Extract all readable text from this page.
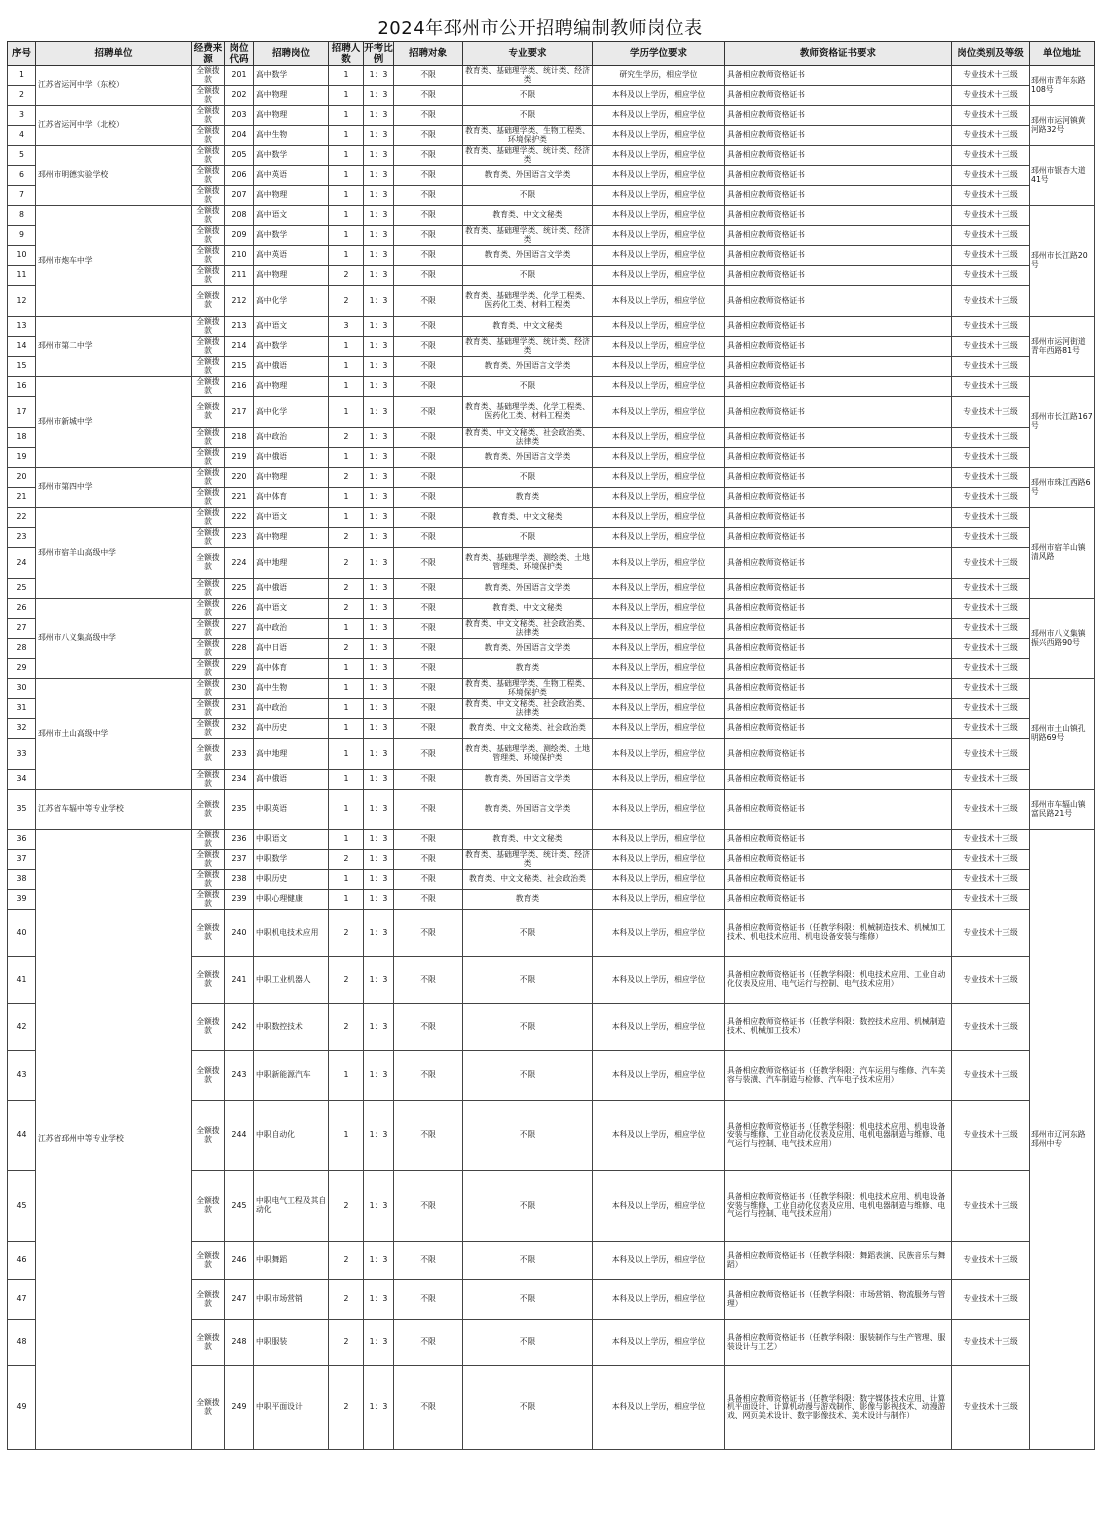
2024年邳州市公开招聘编制教师岗位表
序号	招聘单位	经费来源	岗位代码	招聘岗位	招聘人数	开考比例	招聘对象	专业要求	学历学位要求	教师资格证书要求	岗位类别及等级	单位地址
1	江苏省运河中学（东校）	全额拨款	201	高中数学	1	1：3	不限	教育类、基础理学类、统计类、经济类	研究生学历，相应学位	具备相应教师资格证书	专业技术十三级	邳州市青年东路108号
2		全额拨款	202	高中物理	1	1：3	不限	不限	本科及以上学历，相应学位	具备相应教师资格证书	专业技术十三级	
3	江苏省运河中学（北校）	全额拨款	203	高中物理	1	1：3	不限	不限	本科及以上学历，相应学位	具备相应教师资格证书	专业技术十三级	邳州市运河镇黄河路32号
4		全额拨款	204	高中生物	1	1：3	不限	教育类、基础理学类、生物工程类、环境保护类	本科及以上学历，相应学位	具备相应教师资格证书	专业技术十三级	
5	邳州市明德实验学校	全额拨款	205	高中数学	1	1：3	不限	教育类、基础理学类、统计类、经济类	本科及以上学历，相应学位	具备相应教师资格证书	专业技术十三级	邳州市银杏大道41号
6		全额拨款	206	高中英语	1	1：3	不限	教育类、外国语言文学类	本科及以上学历，相应学位	具备相应教师资格证书	专业技术十三级	
7		全额拨款	207	高中物理	1	1：3	不限	不限	本科及以上学历，相应学位	具备相应教师资格证书	专业技术十三级	
8	邳州市炮车中学	全额拨款	208	高中语文	1	1：3	不限	教育类、中文文秘类	本科及以上学历，相应学位	具备相应教师资格证书	专业技术十三级	邳州市长江路20号
9		全额拨款	209	高中数学	1	1：3	不限	教育类、基础理学类、统计类、经济类	本科及以上学历，相应学位	具备相应教师资格证书	专业技术十三级	
10		全额拨款	210	高中英语	1	1：3	不限	教育类、外国语言文学类	本科及以上学历，相应学位	具备相应教师资格证书	专业技术十三级	
11		全额拨款	211	高中物理	2	1：3	不限	不限	本科及以上学历，相应学位	具备相应教师资格证书	专业技术十三级	
12		全额拨款	212	高中化学	2	1：3	不限	教育类、基础理学类、化学工程类、医药化工类、材料工程类	本科及以上学历，相应学位	具备相应教师资格证书	专业技术十三级	
13	邳州市第二中学	全额拨款	213	高中语文	3	1：3	不限	教育类、中文文秘类	本科及以上学历，相应学位	具备相应教师资格证书	专业技术十三级	邳州市运河街道青年西路81号
14		全额拨款	214	高中数学	1	1：3	不限	教育类、基础理学类、统计类、经济类	本科及以上学历，相应学位	具备相应教师资格证书	专业技术十三级	
15		全额拨款	215	高中俄语	1	1：3	不限	教育类、外国语言文学类	本科及以上学历，相应学位	具备相应教师资格证书	专业技术十三级	
16	邳州市新城中学	全额拨款	216	高中物理	1	1：3	不限	不限	本科及以上学历，相应学位	具备相应教师资格证书	专业技术十三级	邳州市长江路167号
17		全额拨款	217	高中化学	1	1：3	不限	教育类、基础理学类、化学工程类、医药化工类、材料工程类	本科及以上学历，相应学位	具备相应教师资格证书	专业技术十三级	
18		全额拨款	218	高中政治	2	1：3	不限	教育类、中文文秘类、社会政治类、法律类	本科及以上学历，相应学位	具备相应教师资格证书	专业技术十三级	
19		全额拨款	219	高中俄语	1	1：3	不限	教育类、外国语言文学类	本科及以上学历，相应学位	具备相应教师资格证书	专业技术十三级	
20	邳州市第四中学	全额拨款	220	高中物理	2	1：3	不限	不限	本科及以上学历，相应学位	具备相应教师资格证书	专业技术十三级	邳州市珠江西路6号
21		全额拨款	221	高中体育	1	1：3	不限	教育类	本科及以上学历，相应学位	具备相应教师资格证书	专业技术十三级	
22	邳州市宿羊山高级中学	全额拨款	222	高中语文	1	1：3	不限	教育类、中文文秘类	本科及以上学历，相应学位	具备相应教师资格证书	专业技术十三级	邳州市宿羊山镇清风路
23		全额拨款	223	高中物理	2	1：3	不限	不限	本科及以上学历，相应学位	具备相应教师资格证书	专业技术十三级	
24		全额拨款	224	高中地理	2	1：3	不限	教育类、基础理学类、测绘类、土地管理类、环境保护类	本科及以上学历，相应学位	具备相应教师资格证书	专业技术十三级	
25		全额拨款	225	高中俄语	2	1：3	不限	教育类、外国语言文学类	本科及以上学历，相应学位	具备相应教师资格证书	专业技术十三级	
26	邳州市八义集高级中学	全额拨款	226	高中语文	2	1：3	不限	教育类、中文文秘类	本科及以上学历，相应学位	具备相应教师资格证书	专业技术十三级	邳州市八义集镇振兴西路90号
27		全额拨款	227	高中政治	1	1：3	不限	教育类、中文文秘类、社会政治类、法律类	本科及以上学历，相应学位	具备相应教师资格证书	专业技术十三级	
28		全额拨款	228	高中日语	2	1：3	不限	教育类、外国语言文学类	本科及以上学历，相应学位	具备相应教师资格证书	专业技术十三级	
29		全额拨款	229	高中体育	1	1：3	不限	教育类	本科及以上学历，相应学位	具备相应教师资格证书	专业技术十三级	
30	邳州市土山高级中学	全额拨款	230	高中生物	1	1：3	不限	教育类、基础理学类、生物工程类、环境保护类	本科及以上学历，相应学位	具备相应教师资格证书	专业技术十三级	邳州市土山镇孔明路69号
31		全额拨款	231	高中政治	1	1：3	不限	教育类、中文文秘类、社会政治类、法律类	本科及以上学历，相应学位	具备相应教师资格证书	专业技术十三级	
32		全额拨款	232	高中历史	1	1：3	不限	教育类、中文文秘类、社会政治类	本科及以上学历，相应学位	具备相应教师资格证书	专业技术十三级	
33		全额拨款	233	高中地理	1	1：3	不限	教育类、基础理学类、测绘类、土地管理类、环境保护类	本科及以上学历，相应学位	具备相应教师资格证书	专业技术十三级	
34		全额拨款	234	高中俄语	1	1：3	不限	教育类、外国语言文学类	本科及以上学历，相应学位	具备相应教师资格证书	专业技术十三级	
35	江苏省车辐中等专业学校	全额拨款	235	中职英语	1	1：3	不限	教育类、外国语言文学类	本科及以上学历，相应学位	具备相应教师资格证书	专业技术十三级	邳州市车辐山镇富民路21号
36	江苏省邳州中等专业学校	全额拨款	236	中职语文	1	1：3	不限	教育类、中文文秘类	本科及以上学历，相应学位	具备相应教师资格证书	专业技术十三级	邳州市辽河东路邳州中专
37		全额拨款	237	中职数学	2	1：3	不限	教育类、基础理学类、统计类、经济类	本科及以上学历，相应学位	具备相应教师资格证书	专业技术十三级	
38		全额拨款	238	中职历史	1	1：3	不限	教育类、中文文秘类、社会政治类	本科及以上学历，相应学位	具备相应教师资格证书	专业技术十三级	
39		全额拨款	239	中职心理健康	1	1：3	不限	教育类	本科及以上学历，相应学位	具备相应教师资格证书	专业技术十三级	
40		全额拨款	240	中职机电技术应用	2	1：3	不限	不限	本科及以上学历，相应学位	具备相应教师资格证书（任教学科限：机械制造技术、机械加工技术、机电技术应用、机电设备安装与维修）	专业技术十三级	
41		全额拨款	241	中职工业机器人	2	1：3	不限	不限	本科及以上学历，相应学位	具备相应教师资格证书（任教学科限：机电技术应用、工业自动化仪表及应用、电气运行与控制、电气技术应用）	专业技术十三级	
42		全额拨款	242	中职数控技术	2	1：3	不限	不限	本科及以上学历，相应学位	具备相应教师资格证书（任教学科限：数控技术应用、机械制造技术、机械加工技术）	专业技术十三级	
43		全额拨款	243	中职新能源汽车	1	1：3	不限	不限	本科及以上学历，相应学位	具备相应教师资格证书（任教学科限：汽车运用与维修、汽车美容与装潢、汽车制造与检修、汽车电子技术应用）	专业技术十三级	
44		全额拨款	244	中职自动化	1	1：3	不限	不限	本科及以上学历，相应学位	具备相应教师资格证书（任教学科限：机电技术应用、机电设备安装与维修、工业自动化仪表及应用、电机电器制造与维修、电气运行与控制、电气技术应用）	专业技术十三级	
45		全额拨款	245	中职电气工程及其自动化	2	1：3	不限	不限	本科及以上学历，相应学位	具备相应教师资格证书（任教学科限：机电技术应用、机电设备安装与维修、工业自动化仪表及应用、电机电器制造与维修、电气运行与控制、电气技术应用）	专业技术十三级	
46		全额拨款	246	中职舞蹈	2	1：3	不限	不限	本科及以上学历，相应学位	具备相应教师资格证书（任教学科限：舞蹈表演、民族音乐与舞蹈）	专业技术十三级	
47		全额拨款	247	中职市场营销	2	1：3	不限	不限	本科及以上学历，相应学位	具备相应教师资格证书（任教学科限：市场营销、物流服务与管理）	专业技术十三级	
48		全额拨款	248	中职服装	2	1：3	不限	不限	本科及以上学历，相应学位	具备相应教师资格证书（任教学科限：服装制作与生产管理、服装设计与工艺）	专业技术十三级	
49		全额拨款	249	中职平面设计	2	1：3	不限	不限	本科及以上学历，相应学位	具备相应教师资格证书（任教学科限：数字媒体技术应用、计算机平面设计、计算机动漫与游戏制作、影像与影视技术、动漫游戏、网页美术设计、数字影像技术、美术设计与制作）	专业技术十三级	
